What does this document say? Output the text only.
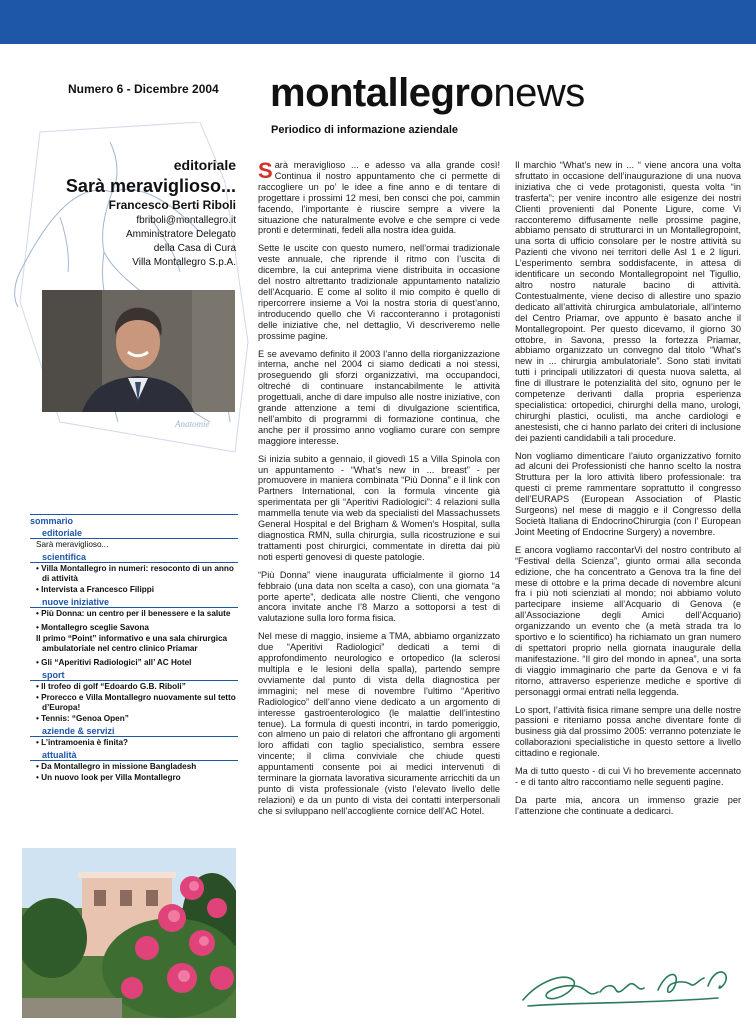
Numero 6 - Dicembre 2004 montallegronews
Periodico di informazione aziendale
Anatomie
editoriale
Sarà meraviglioso...
Francesco Berti Riboli
fbriboli@montallegro.it
Amministratore Delegato
della Casa di Cura
Villa Montallegro S.p.A.
sommario
editoriale
Sarà meraviglioso...
scientifica
• Villa Montallegro in numeri: resoconto di un anno di attività
• Intervista a Francesco Filippi
nuove iniziative
• Più Donna: un centro per il benessere e la salute
• Montallegro sceglie Savona
Il primo “Point” informativo e una sala chirurgica ambulatoriale nel centro clinico Priamar
• Gli “Aperitivi Radiologici” all’ AC Hotel
sport
• Il trofeo di golf “Edoardo G.B. Riboli”
• Prorecco e Villa Montallegro nuovamente sul tetto d’Europa!
• Tennis: “Genoa Open”
aziende & servizi
• L’intramoenia è finita?
attualità
• Da Montallegro in missione Bangladesh
• Un nuovo look per Villa Montallegro

Sarà meraviglioso ... e adesso va alla grande così! Continua il nostro appuntamento che ci permette di raccogliere un po’ le idee a fine anno e di tentare di progettare i prossimi 12 mesi, ben consci che poi, cammin facendo, l’importante è riuscire sempre a vivere la situazione che naturalmente evolve e che sempre ci vede pronti e determinati, fedeli alla nostra idea guida.

Sette le uscite con questo numero, nell’ormai tradizionale veste annuale, che riprende il ritmo con l’uscita di dicembre, la cui anteprima viene distribuita in occasione del nostro altrettanto tradizionale appuntamento natalizio dell’Acquario. E come al solito il mio compito è quello di ripercorrere insieme a Voi la nostra storia di quest’anno, introducendo quello che Vi racconteranno i protagonisti delle iniziative che, nel dettaglio, Vi descriveremo nelle prossime pagine.

E se avevamo definito il 2003 l’anno della riorganizzazione interna, anche nel 2004 ci siamo dedicati a noi stessi, proseguendo gli sforzi organizzativi, ma occupandoci, oltreché di continuare instancabilmente le attività progettuali, anche di dare impulso alle nostre iniziative, con grande attenzione a temi di divulgazione scientifica, nell’ambito di programmi di formazione continua, che anche per il prossimo anno vogliamo curare con sempre maggiore interesse.

Si inizia subito a gennaio, il giovedì 15 a Villa Spinola con un appuntamento - “What’s new in ... breast” - per promuovere in maniera combinata “Più Donna” e il link con Partners International, con la formula vincente già sperimentata per gli “Aperitivi Radiologici”: 4 relazioni sulla mammella tenute via web da specialisti del Massachussets General Hospital e del Brigham & Women’s Hospital, sulla diagnostica RMN, sulla chirurgia, sulla ricostruzione e sui trattamenti post chirurgici, commentate in diretta dai più noti esperti genovesi di queste patologie.

“Più Donna” viene inaugurata ufficialmente il giorno 14 febbraio (una data non scelta a caso), con una giornata “a porte aperte”, dedicata alle nostre Clienti, che vengono ancora invitate anche l’8 Marzo a sottoporsi a test di valutazione sulla loro forma fisica.

Nel mese di maggio, insieme a TMA, abbiamo organizzato due “Aperitivi Radiologici” dedicati a temi di approfondimento neurologico e ortopedico (la sclerosi multipla e le lesioni della spalla), partendo sempre ovviamente dal punto di vista della diagnostica per immagini; nel mese di novembre l’ultimo “Aperitivo Radiologico” dell’anno viene dedicato a un argomento di interesse gastroenterologico (le malattie dell’intestino tenue). La formula di questi incontri, in tardo pomeriggio, con almeno un paio di relatori che affrontano gli argomenti loro affidati con taglio specialistico, sembra essere vincente; il clima conviviale che chiude questi appuntamenti consente poi ai medici intervenuti di terminare la giornata lavorativa sicuramente arricchiti da un punto di vista professionale (visto l’elevato livello delle relazioni) e da un punto di vista dei contatti interpersonali che si sviluppano nell’accogliente cornice dell’AC Hotel.

Il marchio “What’s new in ... “ viene ancora una volta sfruttato in occasione dell’inaugurazione di una nuova iniziativa che ci vede protagonisti, questa volta “in trasferta”; per venire incontro alle esigenze dei nostri Clienti provenienti dal Ponente Ligure, come Vi racconteremo diffusamente nelle prossime pagine, abbiamo pensato di strutturarci in un Montallegropoint, una sorta di ufficio consolare per le nostre attività su Pazienti che vivono nei territori delle Asl 1 e 2 liguri. L’esperimento sembra soddisfacente, in attesa di identificare un secondo Montallegropoint nel Tigullio, altro nostro naturale bacino di attività. Contestualmente, viene deciso di allestire uno spazio dedicato all’attività chirurgica ambulatoriale, all’interno del Centro Priamar, ove appunto è basato anche il Montallegropoint. Per questo dicevamo, il giorno 30 ottobre, in Savona, presso la fortezza Priamar, abbiamo organizzato un convegno dal titolo “What’s new in ... chirurgia ambulatoriale”. Sono stati invitati tutti i principali utilizzatori di questa nuova saletta, al fine di illustrare le potenzialità del sito, ognuno per le competenze derivanti dalla propria esperienza specialistica: ortopedici, chirurghi della mano, urologi, chirurghi plastici, oculisti, ma anche cardiologi e anestesisti, che ci hanno parlato dei criteri di inclusione dei pazienti candidabili a tali procedure.

Non vogliamo dimenticare l’aiuto organizzativo fornito ad alcuni dei Professionisti che hanno scelto la nostra Struttura per la loro attività libero professionale: tra questi ci preme rammentare soprattutto il congresso dell’EURAPS (European Association of Plastic Surgeons) nel mese di maggio e il Congresso della Società Italiana di EndocrinoChirurgia (con l’ European Joint Meeting of Endocrine Surgery) a novembre.

E ancora vogliamo raccontarVi del nostro contributo al “Festival della Scienza”, giunto ormai alla seconda edizione, che ha concentrato a Genova tra la fine del mese di ottobre e la prima decade di novembre alcuni fra i più noti scienziati al mondo; noi abbiamo voluto partecipare insieme all’Acquario di Genova (e all’Associazione degli Amici dell’Acquario) organizzando un evento che (a metà strada tra lo sportivo e lo scientifico) ha richiamato un gran numero di spettatori proprio nella giornata inaugurale della manifestazione. “Il giro del mondo in apnea”, una sorta di viaggio immaginario che parte da Genova e vi fa ritorno, attraverso esperienze mediche e sportive di personaggi ormai entrati nella leggenda.

Lo sport, l’attività fisica rimane sempre una delle nostre passioni e riteniamo possa anche diventare fonte di business già dal prossimo 2005: verranno potenziate le collaborazioni specialistiche in questo settore a livello cittadino e regionale.

Ma di tutto questo - di cui Vi ho brevemente accennato - e di tanto altro raccontiamo nelle seguenti pagine.

Da parte mia, ancora un immenso grazie per l’attenzione che continuate a dedicarci.
